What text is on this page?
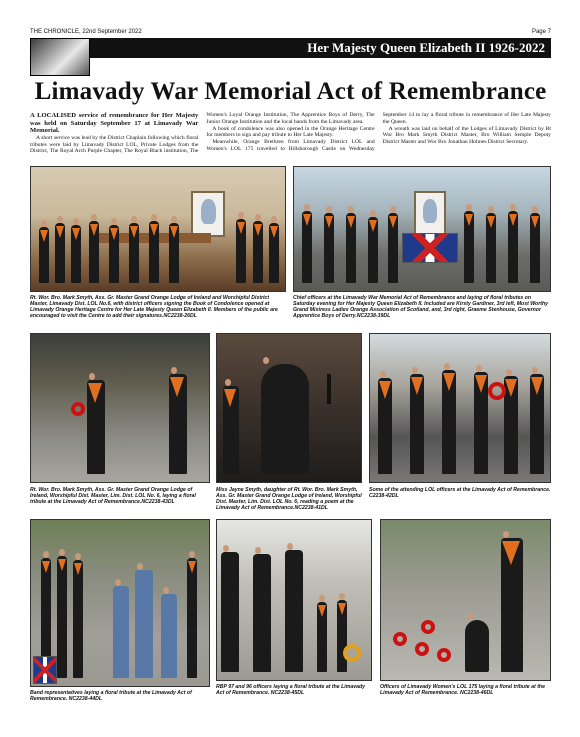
THE CHRONICLE, 22nd September 2022	Page 7
Her Majesty Queen Elizabeth II 1926-2022
Limavady War Memorial Act of Remembrance

A LOCALISED service of remembrance for Her Majesty was held on Saturday September 17 at Limavady War Memorial.

A short service was lead by the District Chaplain following which floral tributes were laid by Limavady District LOL, Private Lodges from the District, The Royal Arch Purple Chapter, The Royal Black institution, The Women's Loyal Orange Institution, The Apprentice Boys of Derry, The Junior Orange Institution and the local bands from the Limavady area.

A book of condolence was also opened in the Orange Heritage Centre for members to sign and pay tribute to Her Late Majesty.

Meanwhile, Orange Brethren from Limavady District LOL and Women's LOL 175 travelled to Hillsborough Castle on Wednesday September 14 to lay a floral tribute in remembrance of Her Late Majesty the Queen.

A wreath was laid on behalf of the Lodges of Limavady District by Rt Wor Bro Mark Smyth District Master, Bro William Semple Deputy District Master and Wor Bro Jonathan Holmes District Secretary.

Rt. Wor. Bro. Mark Smyth, Ass. Gr. Master Grand Orange Lodge of Ireland and Worshipful District Master, Limavady Dist. LOL No.6, with district officers signing the Book of Condolence opened at Limavady Orange Heritage Centre for Her Late Majesty Queen Elizabeth II. Members of the public are encouraged to visit the Centre to add their signatures.NC2238-26DL
Chief officers at the Limavady War Memorial Act of Remembrance and laying of floral tributes on Saturday evening for Her Majesty Queen Elizabeth II. Included are Kirsty Gardiner, 3rd left, Most Worthy Grand Mistress Ladies Orange Association of Scotland, and, 3rd right, Graeme Stenhouse, Governor Apprentice Boys of Derry.NC2238-39DL
Rt. Wor. Bro. Mark Smyth, Ass. Gr. Master Grand Orange Lodge of Ireland, Worshipful Dist. Master, Lim. Dist. LOL No. 6, laying a floral tribute at the Limavady Act of Remembrance.NC2238-43DL
Miss Jayne Smyth, daughter of Rt. Wor. Bro. Mark Smyth, Ass. Gr. Master Grand Orange Lodge of Ireland, Worshipful Dist. Master, Lim. Dist. LOL No. 6, reading a poem at the Limavady Act of Remembrance.NC2238-41DL
Some of the attending LOL officers at the Limavady Act of Remembrance. C2238-42DL
Band representatives laying a floral tribute at the Limavady Act of Remembrance. NC2238-44DL
RBP 97 and 96 officers laying a floral tribute at the Limavady Act of Remembrance. NC2238-45DL
Officers of Limavady Women's LOL 175 laying a floral tribute at the Limavady Act of Remembrance. NC2238-46DL
